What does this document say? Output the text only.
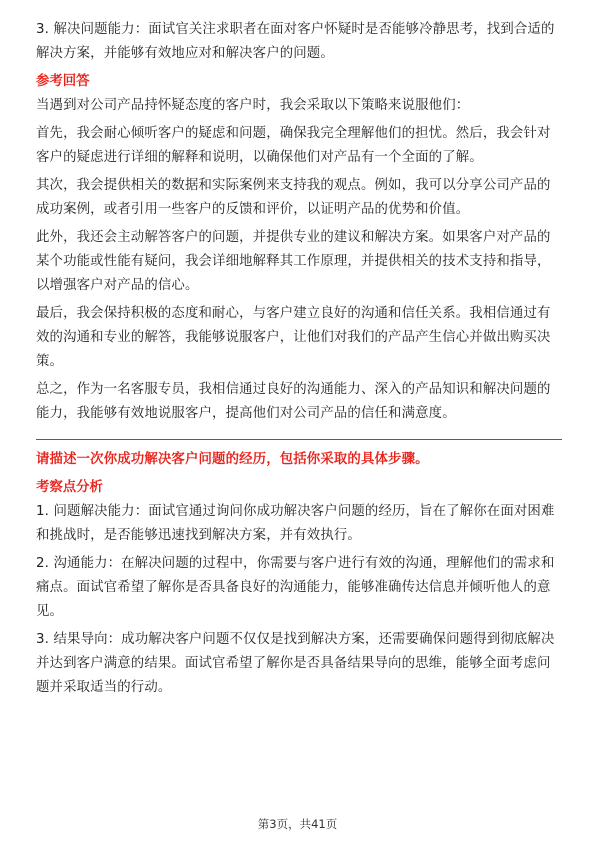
3. 解决问题能力：面试官关注求职者在面对客户怀疑时是否能够冷静思考，找到合适的解决方案，并能够有效地应对和解决客户的问题。

参考回答

当遇到对公司产品持怀疑态度的客户时，我会采取以下策略来说服他们：

首先，我会耐心倾听客户的疑虑和问题，确保我完全理解他们的担忧。然后，我会针对客户的疑虑进行详细的解释和说明，以确保他们对产品有一个全面的了解。

其次，我会提供相关的数据和实际案例来支持我的观点。例如，我可以分享公司产品的成功案例，或者引用一些客户的反馈和评价，以证明产品的优势和价值。

此外，我还会主动解答客户的问题，并提供专业的建议和解决方案。如果客户对产品的某个功能或性能有疑问，我会详细地解释其工作原理，并提供相关的技术支持和指导，以增强客户对产品的信心。

最后，我会保持积极的态度和耐心，与客户建立良好的沟通和信任关系。我相信通过有效的沟通和专业的解答，我能够说服客户，让他们对我们的产品产生信心并做出购买决策。

总之，作为一名客服专员，我相信通过良好的沟通能力、深入的产品知识和解决问题的能力，我能够有效地说服客户，提高他们对公司产品的信任和满意度。

请描述一次你成功解决客户问题的经历，包括你采取的具体步骤。

考察点分析

1. 问题解决能力：面试官通过询问你成功解决客户问题的经历，旨在了解你在面对困难和挑战时，是否能够迅速找到解决方案，并有效执行。

2. 沟通能力：在解决问题的过程中，你需要与客户进行有效的沟通，理解他们的需求和痛点。面试官希望了解你是否具备良好的沟通能力，能够准确传达信息并倾听他人的意见。

3. 结果导向：成功解决客户问题不仅仅是找到解决方案，还需要确保问题得到彻底解决并达到客户满意的结果。面试官希望了解你是否具备结果导向的思维，能够全面考虑问题并采取适当的行动。

第3页，共41页
